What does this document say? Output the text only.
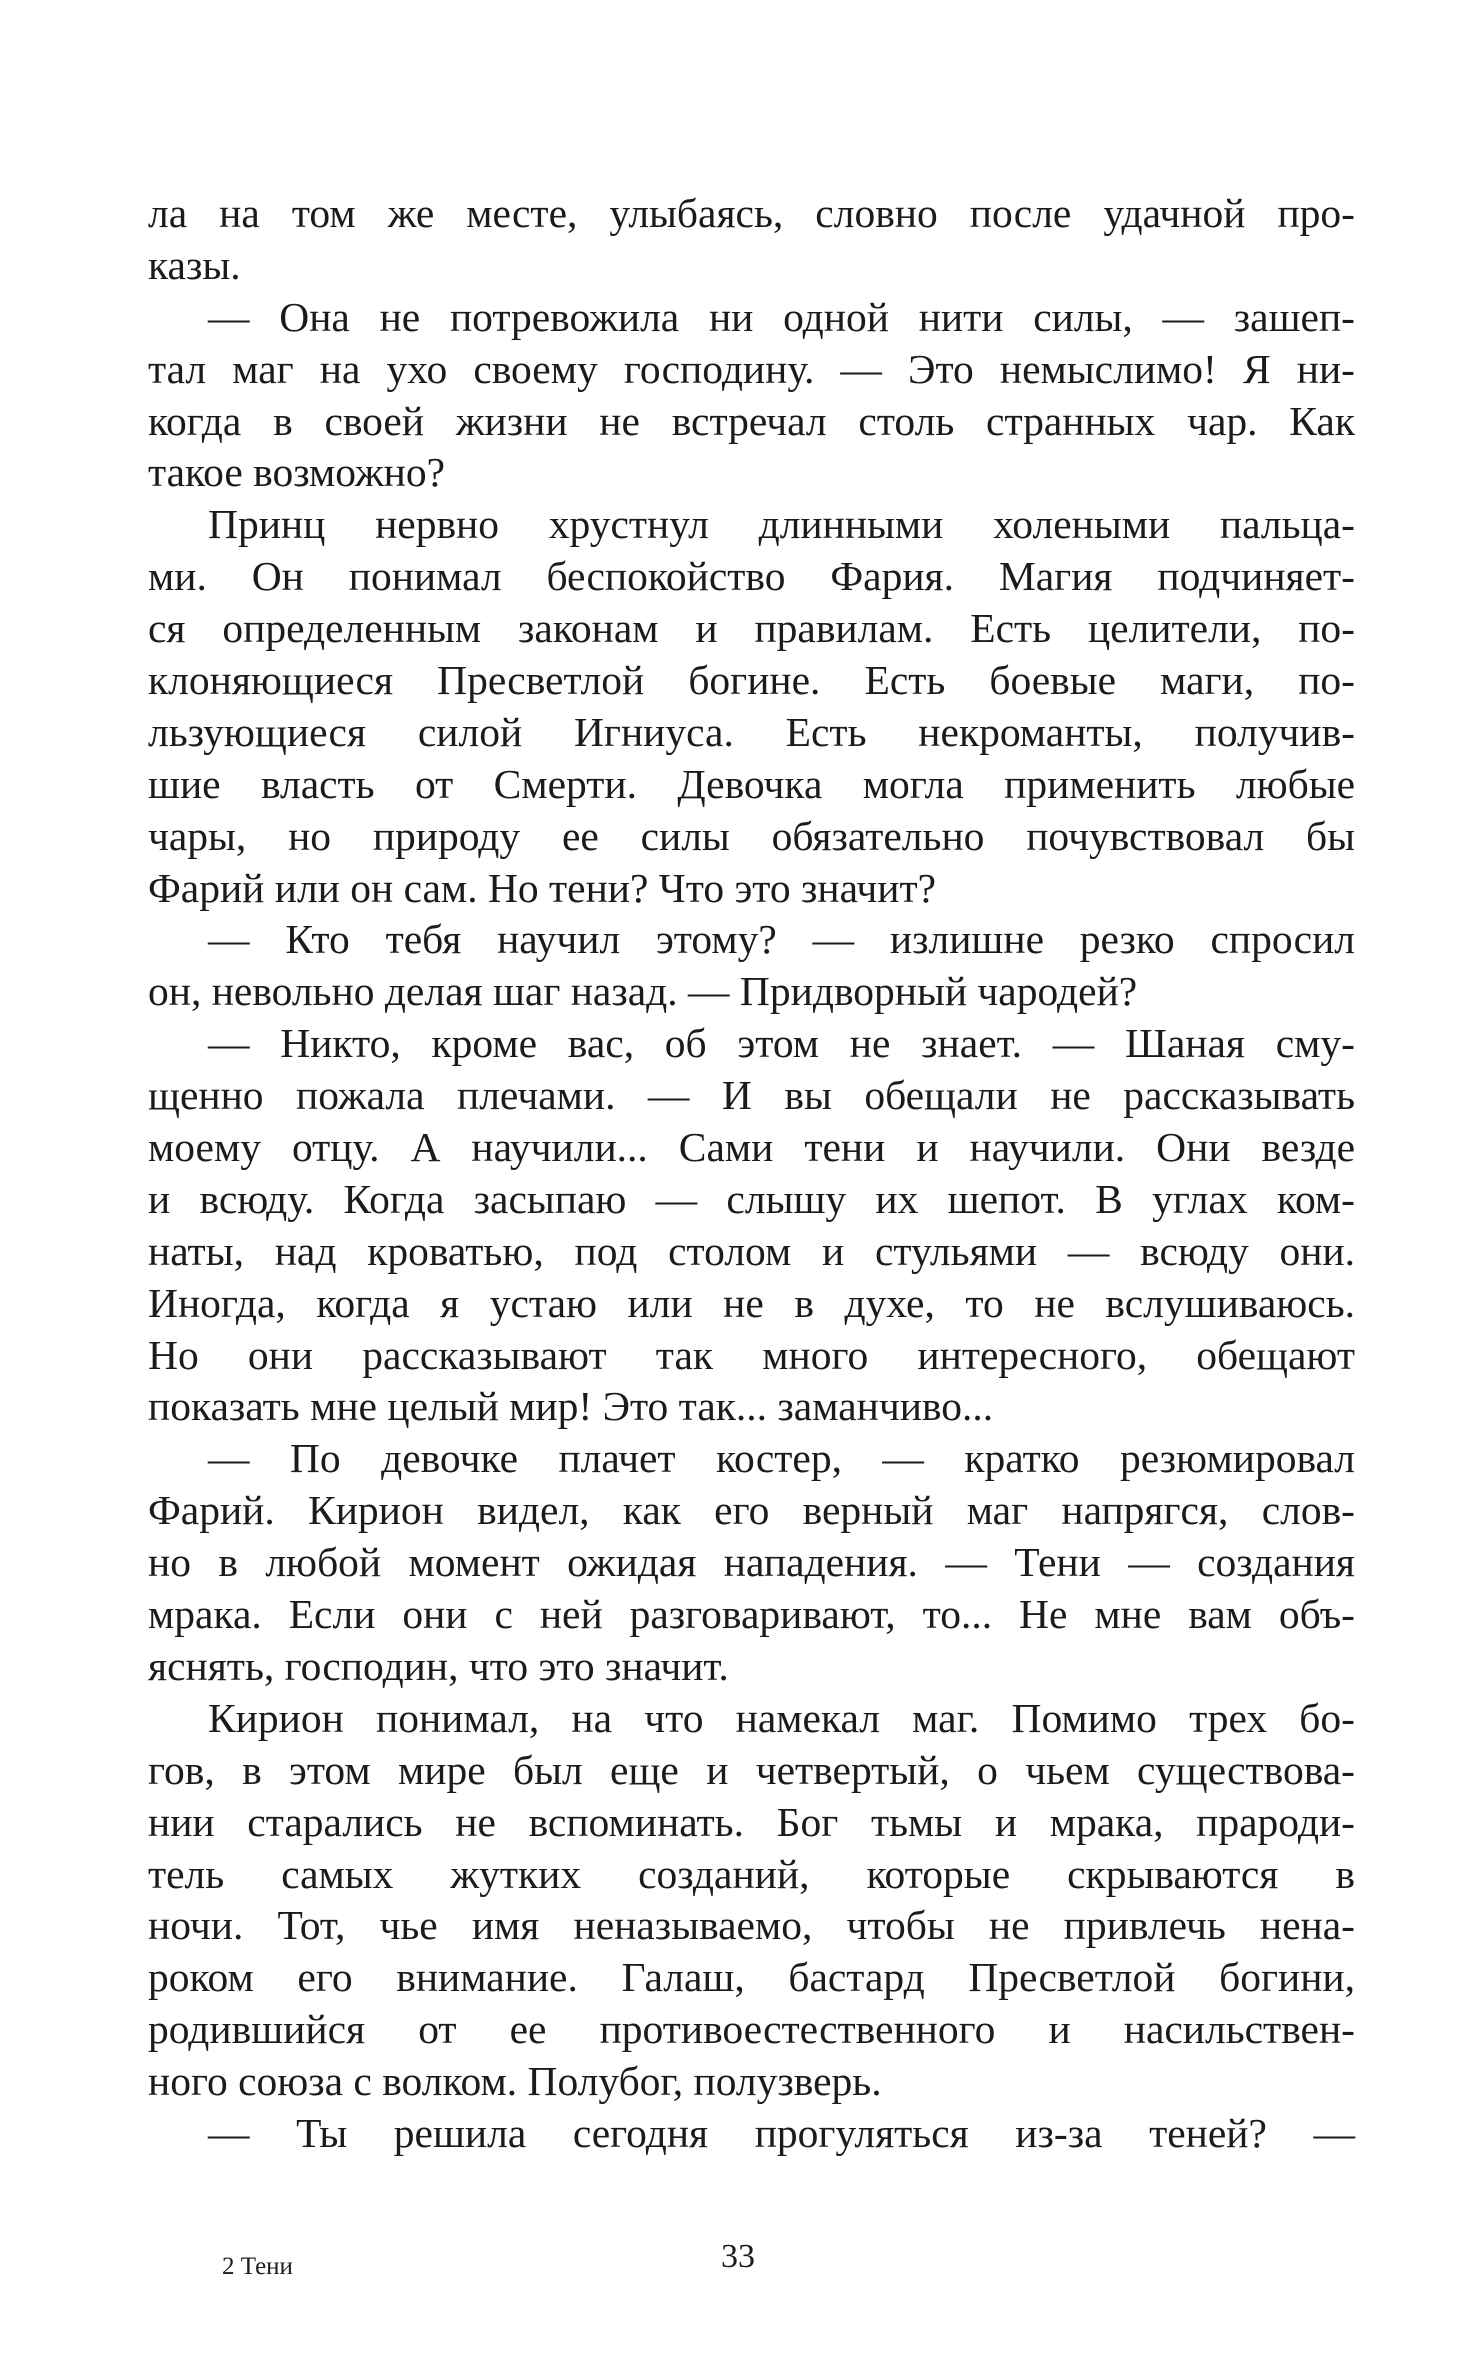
ла на том же месте, улыбаясь, словно после удачной про-
казы.
— Она не потревожила ни одной нити силы, — зашеп-
тал маг на ухо своему господину. — Это немыслимо! Я ни-
когда в своей жизни не встречал столь странных чар. Как
такое возможно?
Принц нервно хрустнул длинными холеными пальца-
ми. Он понимал беспокойство Фария. Магия подчиняет-
ся определенным законам и правилам. Есть целители, по-
клоняющиеся Пресветлой богине. Есть боевые маги, по-
льзующиеся силой Игниуса. Есть некроманты, получив-
шие власть от Смерти. Девочка могла применить любые
чары, но природу ее силы обязательно почувствовал бы
Фарий или он сам. Но тени? Что это значит?
— Кто тебя научил этому? — излишне резко спросил
он, невольно делая шаг назад. — Придворный чародей?
— Никто, кроме вас, об этом не знает. — Шаная сму-
щенно пожала плечами. — И вы обещали не рассказывать
моему отцу. А научили... Сами тени и научили. Они везде
и всюду. Когда засыпаю — слышу их шепот. В углах ком-
наты, над кроватью, под столом и стульями — всюду они.
Иногда, когда я устаю или не в духе, то не вслушиваюсь.
Но они рассказывают так много интересного, обещают
показать мне целый мир! Это так... заманчиво...
— По девочке плачет костер, — кратко резюмировал
Фарий. Кирион видел, как его верный маг напрягся, слов-
но в любой момент ожидая нападения. — Тени — создания
мрака. Если они с ней разговаривают, то... Не мне вам объ-
яснять, господин, что это значит.
Кирион понимал, на что намекал маг. Помимо трех бо-
гов, в этом мире был еще и четвертый, о чьем существова-
нии старались не вспоминать. Бог тьмы и мрака, прароди-
тель самых жутких созданий, которые скрываются в
ночи. Тот, чье имя неназываемо, чтобы не привлечь нена-
роком его внимание. Галаш, бастард Пресветлой богини,
родившийся от ее противоестественного и насильствен-
ного союза с волком. Полубог, полузверь.
— Ты решила сегодня прогуляться из-за теней? —
2 Тени	33
